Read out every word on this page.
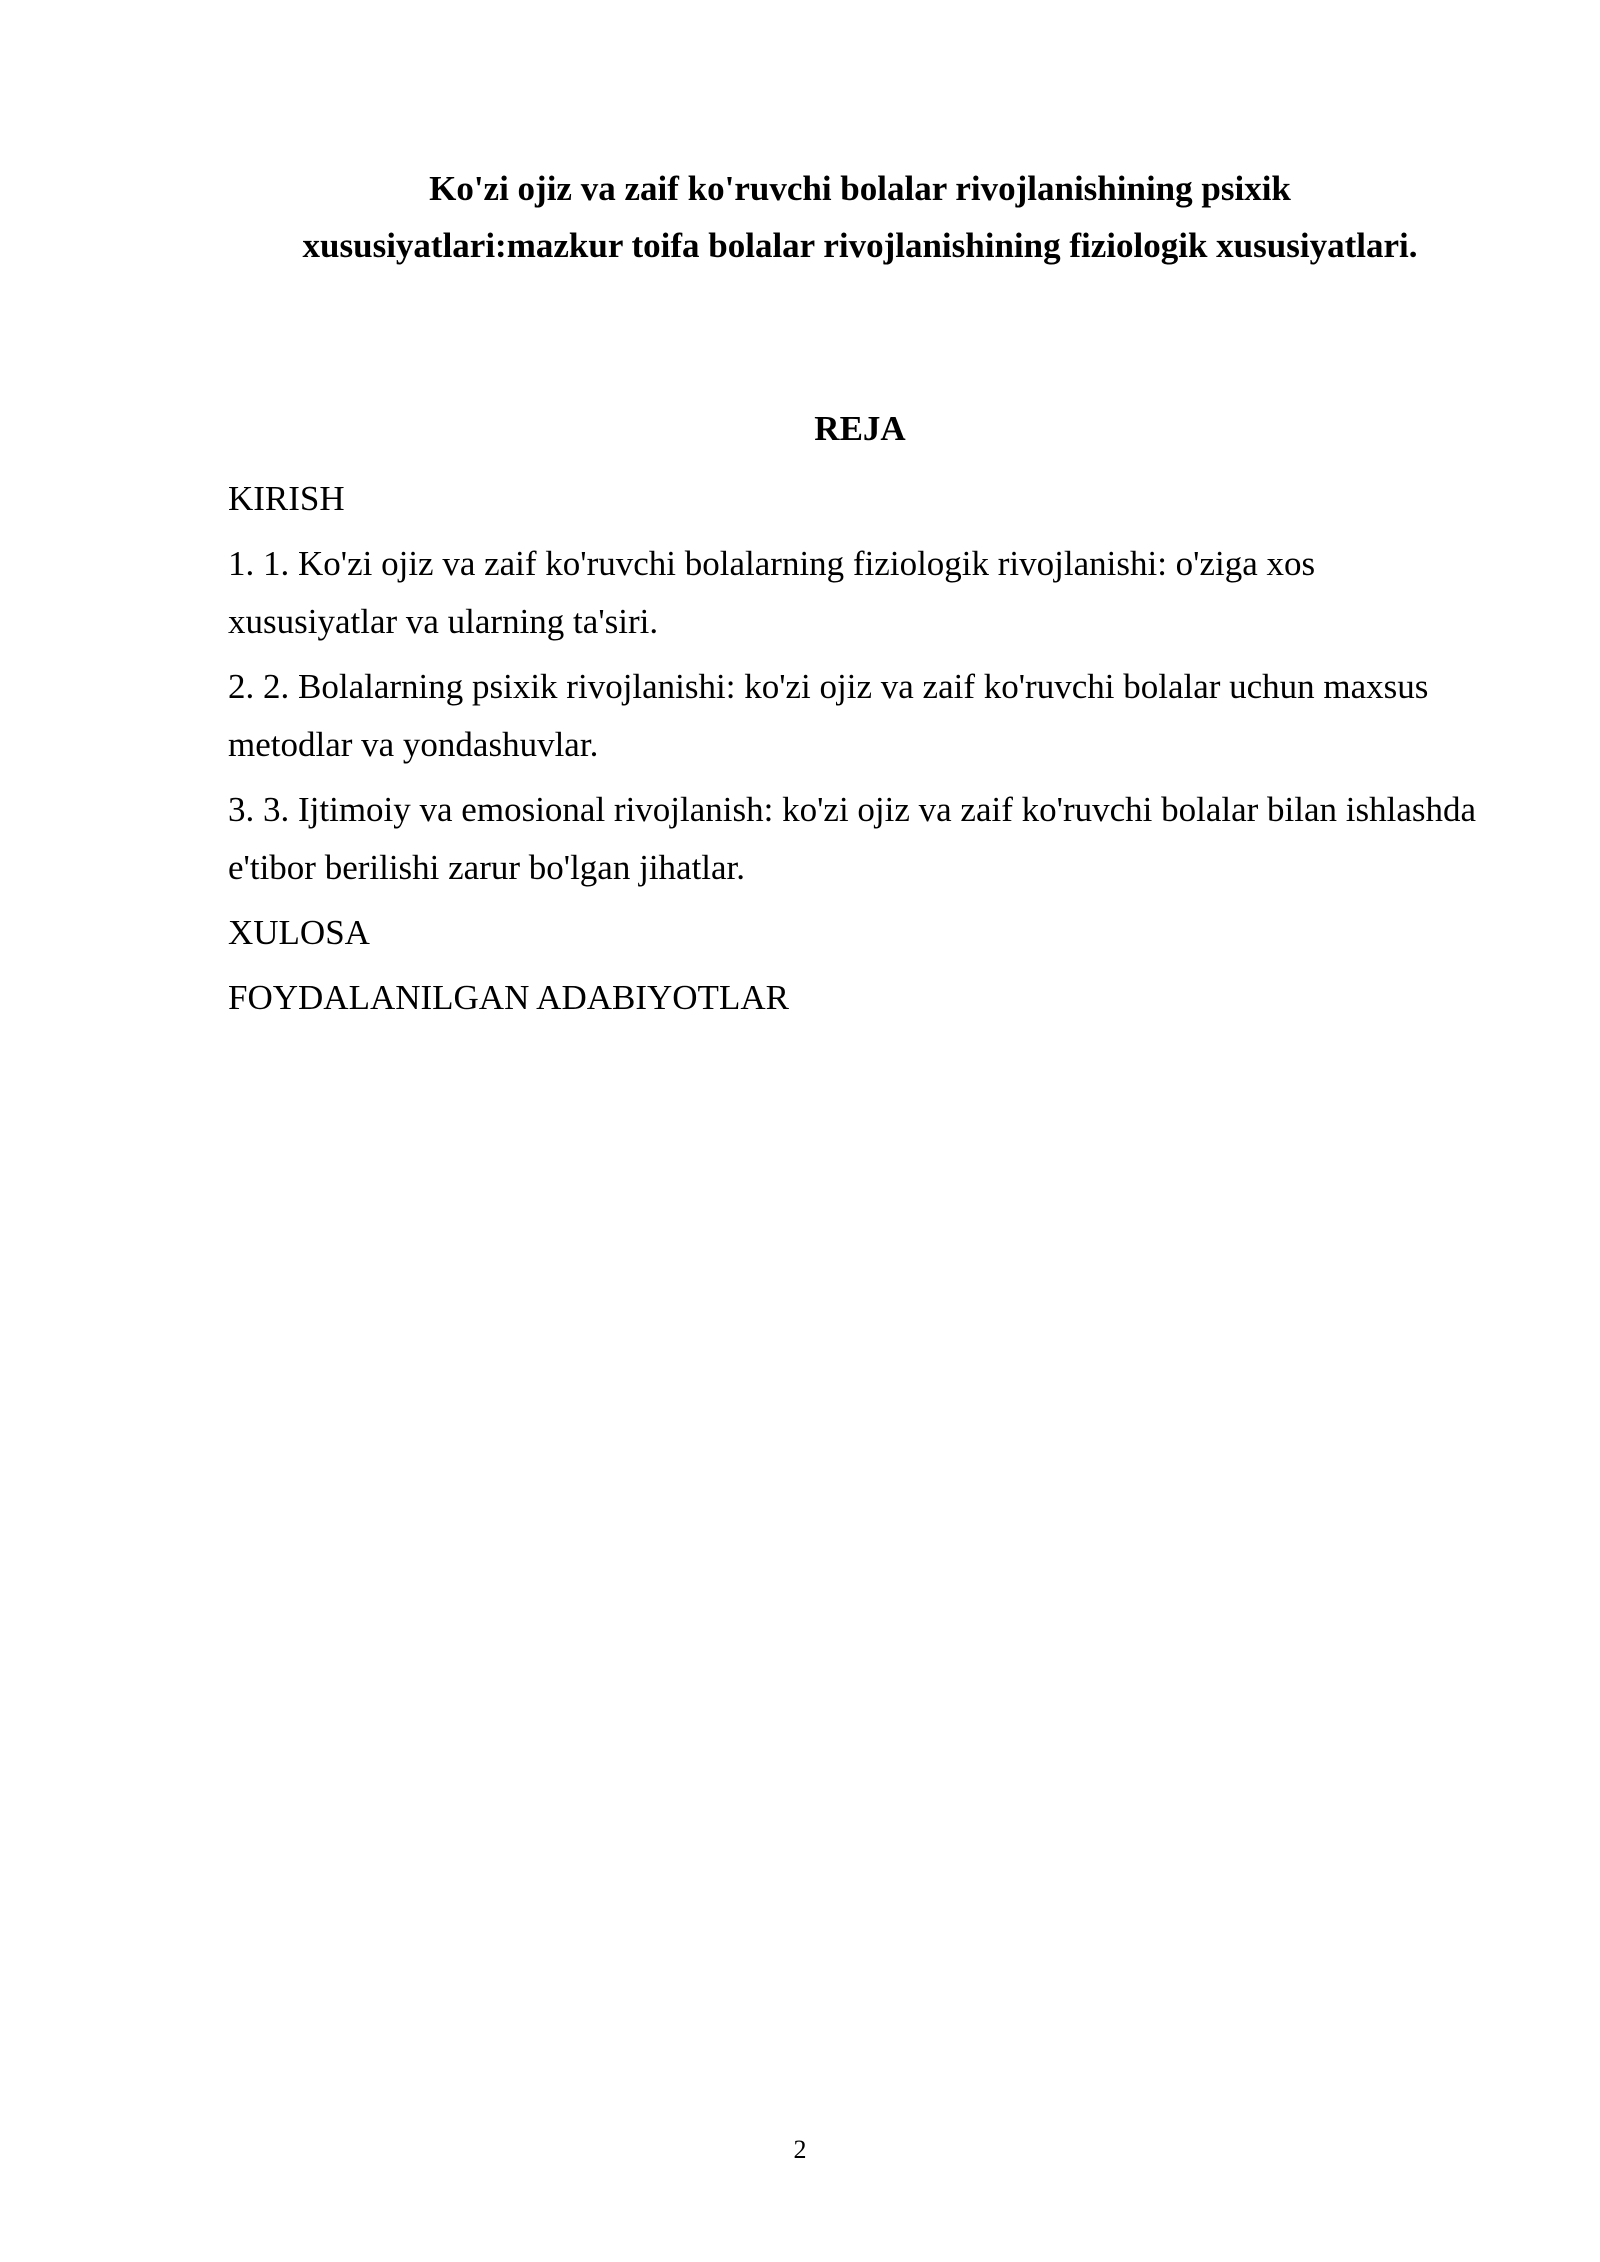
Ko'zi ojiz va zaif ko'ruvchi bolalar rivojlanishining psixik
xususiyatlari:mazkur toifa bolalar rivojlanishining fiziologik xususiyatlari.
REJA
KIRISH
1. 1. Ko'zi ojiz va zaif ko'ruvchi bolalarning fiziologik rivojlanishi: o'ziga xos xususiyatlar va ularning ta'siri.
2. 2. Bolalarning psixik rivojlanishi: ko'zi ojiz va zaif ko'ruvchi bolalar uchun maxsus metodlar va yondashuvlar.
3. 3. Ijtimoiy va emosional rivojlanish: ko'zi ojiz va zaif ko'ruvchi bolalar bilan ishlashda e'tibor berilishi zarur bo'lgan jihatlar.
XULOSA
FOYDALANILGAN ADABIYOTLAR
2
